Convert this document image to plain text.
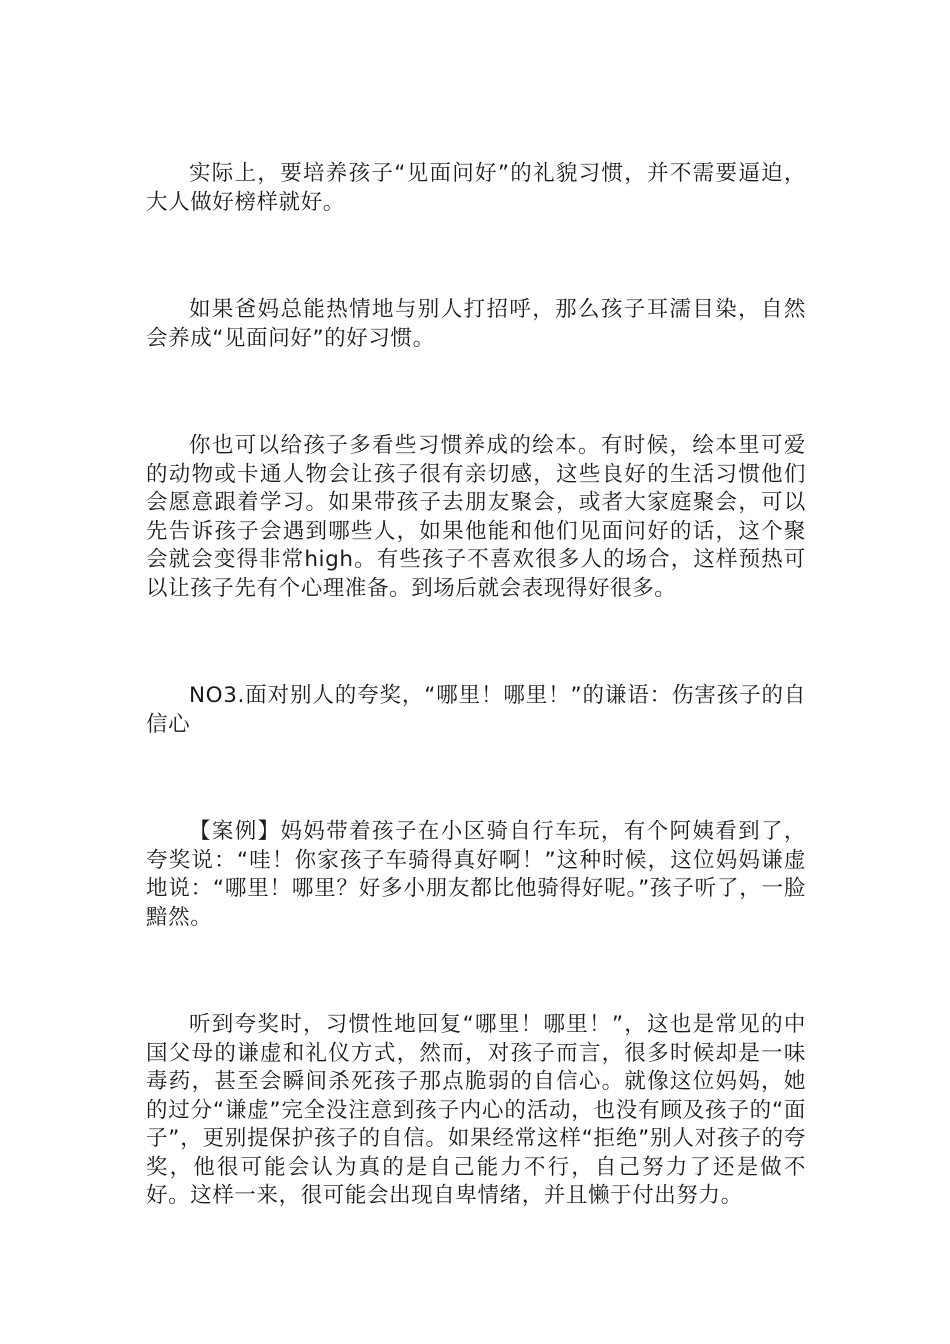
实际上，要培养孩子“见面问好”的礼貌习惯，并不需要逼迫，大人做好榜样就好。

如果爸妈总能热情地与别人打招呼，那么孩子耳濡目染，自然会养成“见面问好”的好习惯。

你也可以给孩子多看些习惯养成的绘本。有时候，绘本里可爱的动物或卡通人物会让孩子很有亲切感，这些良好的生活习惯他们会愿意跟着学习。如果带孩子去朋友聚会，或者大家庭聚会，可以先告诉孩子会遇到哪些人，如果他能和他们见面问好的话，这个聚会就会变得非常high。有些孩子不喜欢很多人的场合，这样预热可以让孩子先有个心理准备。到场后就会表现得好很多。

NO3.面对别人的夸奖，“哪里！哪里！”的谦语：伤害孩子的自信心

【案例】妈妈带着孩子在小区骑自行车玩，有个阿姨看到了，夸奖说：“哇！你家孩子车骑得真好啊！”这种时候，这位妈妈谦虚地说：“哪里！哪里？好多小朋友都比他骑得好呢。”孩子听了，一脸黯然。

听到夸奖时，习惯性地回复“哪里！哪里！”，这也是常见的中国父母的谦虚和礼仪方式，然而，对孩子而言，很多时候却是一味毒药，甚至会瞬间杀死孩子那点脆弱的自信心。就像这位妈妈，她的过分“谦虚”完全没注意到孩子内心的活动，也没有顾及孩子的“面子”，更别提保护孩子的自信。如果经常这样“拒绝”别人对孩子的夸奖，他很可能会认为真的是自己能力不行，自己努力了还是做不好。这样一来，很可能会出现自卑情绪，并且懒于付出努力。
